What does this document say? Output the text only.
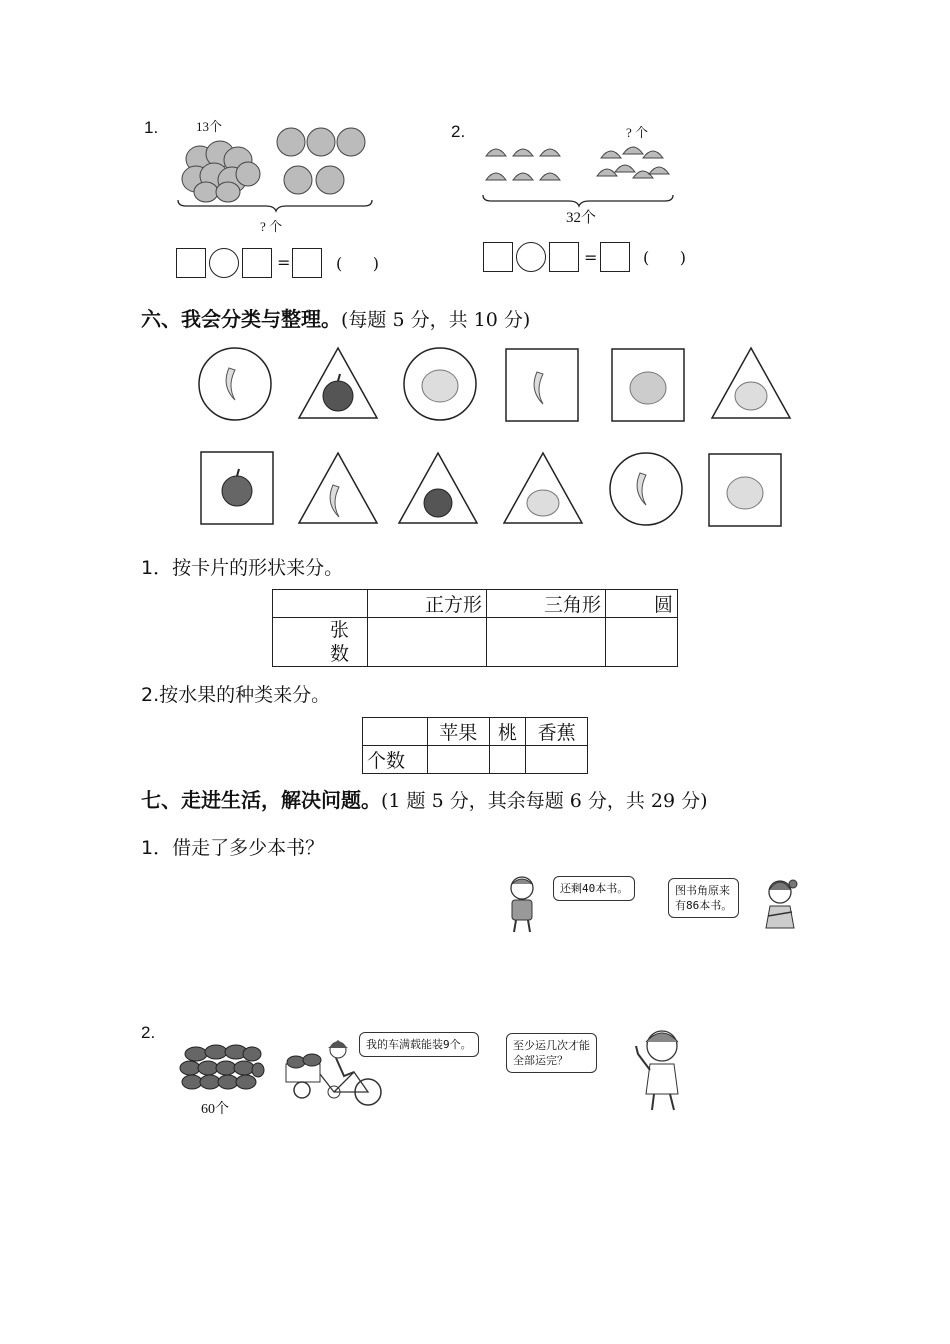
1.	13个
? 个
=	(      )
2.	? 个
32个
=	(      )
六、我会分类与整理。(每题 5 分，共 10 分)
1．按卡片的形状来分。
	正方形	三角形	圆
张
数			
2.按水果的种类来分。
	苹果	桃	香蕉
个数			
七、走进生活，解决问题。(1 题 5 分，其余每题 6 分，共 29 分)
1．借走了多少本书？
还剩40本书。	图书角原来
有86本书。
2.
60个
我的车满载能装9个。	至少运几次才能
全部运完？
